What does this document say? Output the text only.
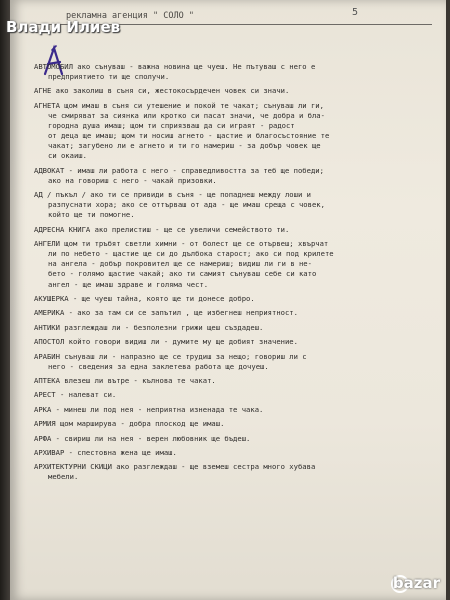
рекламна агенция " СОЛО "	5
АВТОМОБИЛ ако сънуваш - важна новина ще чуеш. Не пътуваш с него е
предприятието ти ще сполучи.
АГНЕ ако заколиш в съня си, жестокосърдечен човек си значи.
АГНЕТА щом имаш в съня си утешение и покой те чакат; сънуваш ли ги,
че смиряват за сиянка или кротко си пасат значи, че добра и бла-
городна душа имаш; щом ти сприязваш да си играят - радост
от деца ще имаш; щом ти носиш агнето - щастие и благосъстояние те
чакат; загубено ли е агнето и ти го намериш - за добър човек ще
си окаиш.
АДВОКАТ - имаш ли работа с него - справедливостта за теб ще победи;
ако на говориш с него - чакай призовки.
АД / пъкъл / ако ти се привиди в съня - ще попаднеш между лоши и
разпуснати хора; ако се оттърваш от ада - ще имаш среща с човек,
който ще ти помогне.
АДРЕСНА КНИГА ако прелистиш - ще се увеличи семейството ти.
АНГЕЛИ щом ти тръбят светли химни - от болест ще се отървеш; хвърчат
ли по небето - щастие ще си до дълбока старост; ако си под крилете
на ангела - добър покровител ще се намериш; видиш ли ги в не-
бето - голямо щастие чакай; ако ти самият сънуваш себе си като
ангел - ще имаш здраве и голяма чест.
АКУШЕРКА - ще чуеш тайна, която ще ти донесе добро.
АМЕРИКА - ако за там си се запътил , ще избегнеш неприятност.
АНТИКИ разглеждаш ли - безполезни грижи щеш създадеш.
АПОСТОЛ който говори видиш ли - думите му ще добият значение.
АРАБИН сънуваш ли - напразно ще се трудиш за нещо; говориш ли с
него - сведения за една заклетева работа ще дочуеш.
АПТЕКА влезеш ли вътре - кълнова те чакат.
АРЕСТ - налеват си.
АРКА - минеш ли под нея - неприятна изненада те чака.
АРМИЯ щом марширува - добра плоскод ще имаш.
АРФА - свириш ли на нея - верен любовник ще бъдеш.
АРХИВАР - спестовна жена ще имаш.
АРХИТЕКТУРНИ СКИЦИ ако разглеждаш - ще вземеш сестра много хубава
мебели.
Влади Илиев
bazar
